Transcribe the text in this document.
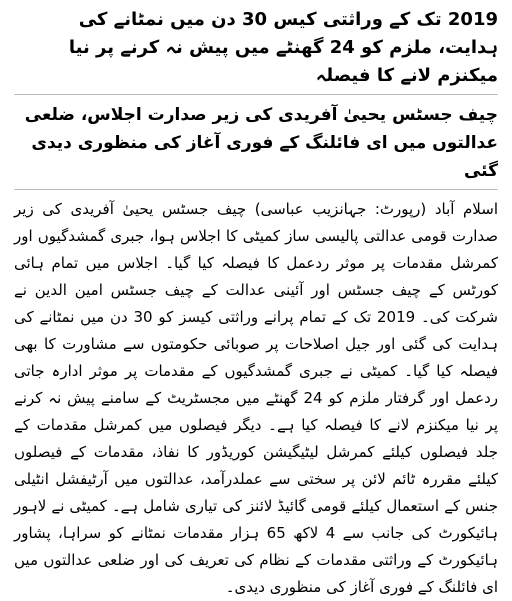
2019 تک کے وراثتی کیس 30 دن میں نمٹانے کی ہدایت، ملزم کو 24 گھنٹے میں پیش نہ کرنے پر نیا میکنزم لانے کا فیصلہ

چیف جسٹس یحییٰ آفریدی کی زیر صدارت اجلاس، ضلعی عدالتوں میں ای فائلنگ کے فوری آغاز کی منظوری دیدی گئی

اسلام آباد (رپورٹ: جہانزیب عباسی) چیف جسٹس یحییٰ آفریدی کی زیر صدارت قومی عدالتی پالیسی ساز کمیٹی کا اجلاس ہوا، جبری گمشدگیوں اور کمرشل مقدمات پر موثر ردعمل کا فیصلہ کیا گیا۔ اجلاس میں تمام ہائی کورٹس کے چیف جسٹس اور آئینی عدالت کے چیف جسٹس امین الدین نے شرکت کی۔ 2019 تک کے تمام پرانے وراثتی کیسز کو 30 دن میں نمٹانے کی ہدایت کی گئی اور جیل اصلاحات پر صوبائی حکومتوں سے مشاورت کا بھی فیصلہ کیا گیا۔ کمیٹی نے جبری گمشدگیوں کے مقدمات پر موثر ادارہ جاتی ردعمل اور گرفتار ملزم کو 24 گھنٹے میں مجسٹریٹ کے سامنے پیش نہ کرنے پر نیا میکنزم لانے کا فیصلہ کیا ہے۔ دیگر فیصلوں میں کمرشل مقدمات کے جلد فیصلوں کیلئے کمرشل لیٹیگیشن کوریڈور کا نفاذ، مقدمات کے فیصلوں کیلئے مقررہ ٹائم لائن پر سختی سے عملدرآمد، عدالتوں میں آرٹیفشل انٹیلی جنس کے استعمال کیلئے قومی گائیڈ لائنز کی تیاری شامل ہے۔ کمیٹی نے لاہور ہائیکورٹ کی جانب سے 4 لاکھ 65 ہزار مقدمات نمٹانے کو سراہا، پشاور ہائیکورٹ کے وراثتی مقدمات کے نظام کی تعریف کی اور ضلعی عدالتوں میں ای فائلنگ کے فوری آغاز کی منظوری دیدی۔
